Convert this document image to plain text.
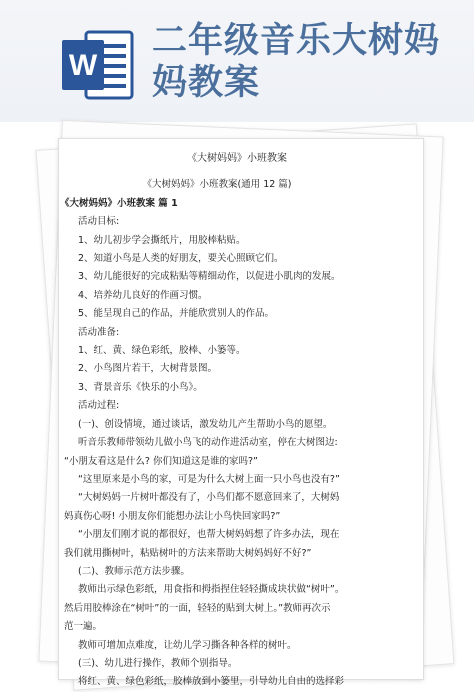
W
二年级音乐大树妈
妈教案

《大树妈妈》小班教案

《大树妈妈》小班教案(通用 12 篇)

《大树妈妈》小班教案 篇 1

活动目标:

1、幼儿初步学会撕纸片，用胶棒粘贴。

2、知道小鸟是人类的好朋友，要关心照顾它们。

3、幼儿能很好的完成粘贴等精细动作，以促进小肌肉的发展。

4、培养幼儿良好的作画习惯。

5、能呈现自己的作品，并能欣赏别人的作品。

活动准备:

1、红、黄、绿色彩纸，胶棒、小篓等。

2、小鸟图片若干，大树背景图。

3、背景音乐《快乐的小鸟》。

活动过程:

(一)、创设情境，通过谈话，激发幼儿产生帮助小鸟的愿望。

听音乐教师带领幼儿做小鸟飞的动作进活动室，停在大树图边:

“小朋友看这是什么? 你们知道这是谁的家吗?”

“这里原来是小鸟的家，可是为什么大树上面一只小鸟也没有?”

“大树妈妈一片树叶都没有了，小鸟们都不愿意回来了，大树妈

妈真伤心呀! 小朋友你们能想办法让小鸟快回家吗?”

“小朋友们刚才说的都很好，也帮大树妈妈想了许多办法，现在

我们就用撕树叶，粘贴树叶的方法来帮助大树妈妈好不好?”

(二)、教师示范方法步骤。

教师出示绿色彩纸，用食指和拇指捏住轻轻撕成块状做“树叶”。

然后用胶棒涂在“树叶”的一面，轻轻的贴到大树上。”教师再次示

范一遍。

教师可增加点难度，让幼儿学习撕各种各样的树叶。

(三)、幼儿进行操作，教师个别指导。

将红、黄、绿色彩纸，胶棒放到小篓里，引导幼儿自由的选择彩
